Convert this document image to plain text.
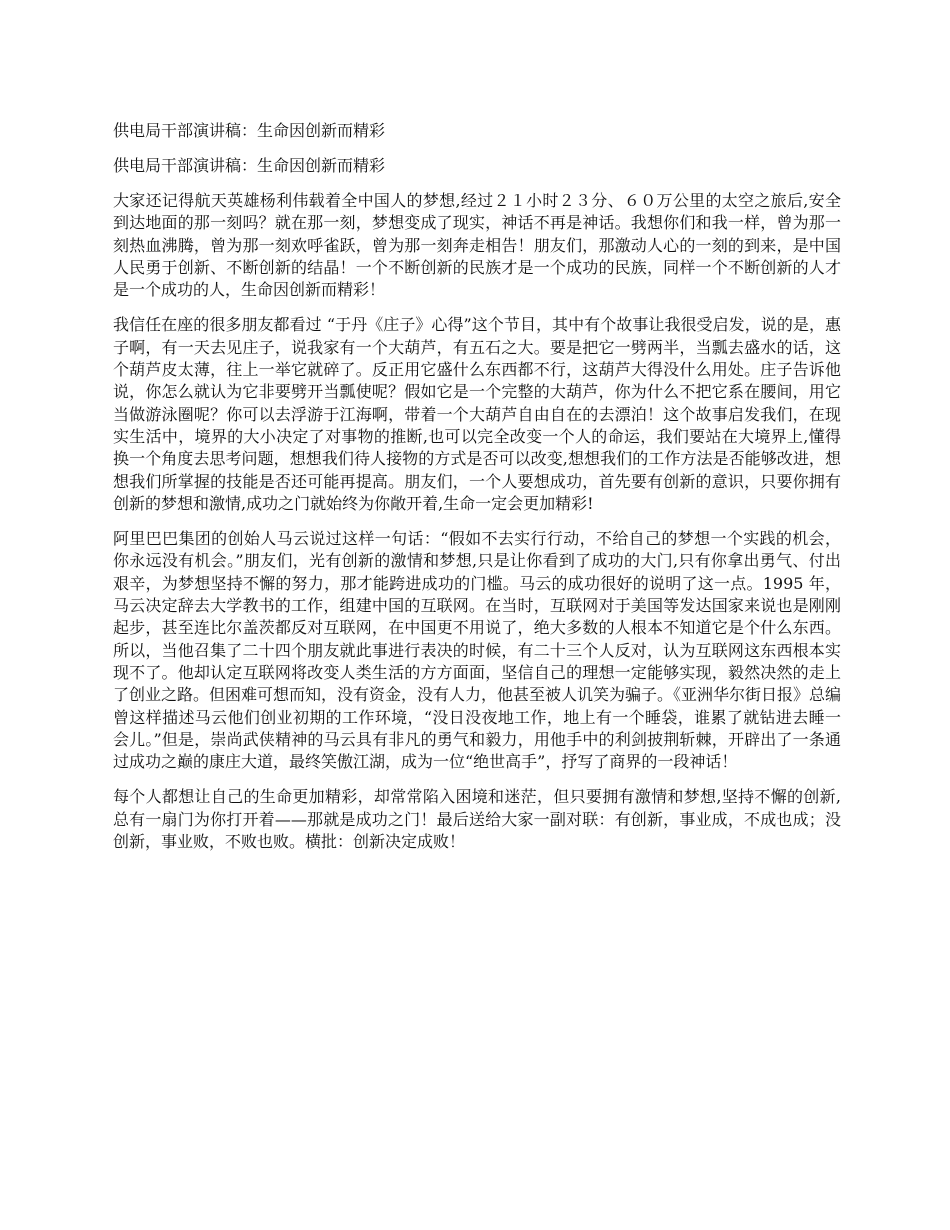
供电局干部演讲稿：生命因创新而精彩
供电局干部演讲稿：生命因创新而精彩
大家还记得航天英雄杨利伟载着全中国人的梦想,经过２１小时２３分、６０万公里的太空之旅后,安全到达地面的那一刻吗？就在那一刻，梦想变成了现实，神话不再是神话。我想你们和我一样，曾为那一刻热血沸腾，曾为那一刻欢呼雀跃，曾为那一刻奔走相告！朋友们，那激动人心的一刻的到来，是中国人民勇于创新、不断创新的结晶！一个不断创新的民族才是一个成功的民族，同样一个不断创新的人才是一个成功的人，生命因创新而精彩！
我信任在座的很多朋友都看过 “于丹《庄子》心得”这个节目，其中有个故事让我很受启发，说的是，惠子啊，有一天去见庄子，说我家有一个大葫芦，有五石之大。要是把它一劈两半，当瓢去盛水的话，这个葫芦皮太薄，往上一举它就碎了。反正用它盛什么东西都不行，这葫芦大得没什么用处。庄子告诉他说，你怎么就认为它非要劈开当瓢使呢？假如它是一个完整的大葫芦，你为什么不把它系在腰间，用它当做游泳圈呢？你可以去浮游于江海啊，带着一个大葫芦自由自在的去漂泊！这个故事启发我们，在现实生活中，境界的大小决定了对事物的推断,也可以完全改变一个人的命运，我们要站在大境界上,懂得换一个角度去思考问题，想想我们待人接物的方式是否可以改变,想想我们的工作方法是否能够改进，想想我们所掌握的技能是否还可能再提高。朋友们，一个人要想成功，首先要有创新的意识，只要你拥有创新的梦想和激情,成功之门就始终为你敞开着,生命一定会更加精彩!
阿里巴巴集团的创始人马云说过这样一句话：“假如不去实行行动，不给自己的梦想一个实践的机会，你永远没有机会。”朋友们，光有创新的激情和梦想,只是让你看到了成功的大门,只有你拿出勇气、付出艰辛，为梦想坚持不懈的努力，那才能跨进成功的门槛。马云的成功很好的说明了这一点。1995 年，马云决定辞去大学教书的工作，组建中国的互联网。在当时，互联网对于美国等发达国家来说也是刚刚起步，甚至连比尔盖茨都反对互联网，在中国更不用说了，绝大多数的人根本不知道它是个什么东西。所以，当他召集了二十四个朋友就此事进行表决的时候，有二十三个人反对，认为互联网这东西根本实现不了。他却认定互联网将改变人类生活的方方面面，坚信自己的理想一定能够实现，毅然决然的走上了创业之路。但困难可想而知，没有资金，没有人力，他甚至被人讥笑为骗子。《亚洲华尔街日报》总编曾这样描述马云他们创业初期的工作环境，“没日没夜地工作，地上有一个睡袋，谁累了就钻进去睡一会儿。”但是，崇尚武侠精神的马云具有非凡的勇气和毅力，用他手中的利剑披荆斩棘，开辟出了一条通过成功之巅的康庄大道，最终笑傲江湖，成为一位“绝世高手”，抒写了商界的一段神话！
每个人都想让自己的生命更加精彩，却常常陷入困境和迷茫，但只要拥有激情和梦想,坚持不懈的创新,总有一扇门为你打开着——那就是成功之门！最后送给大家一副对联：有创新，事业成，不成也成；没创新，事业败，不败也败。横批：创新决定成败！
